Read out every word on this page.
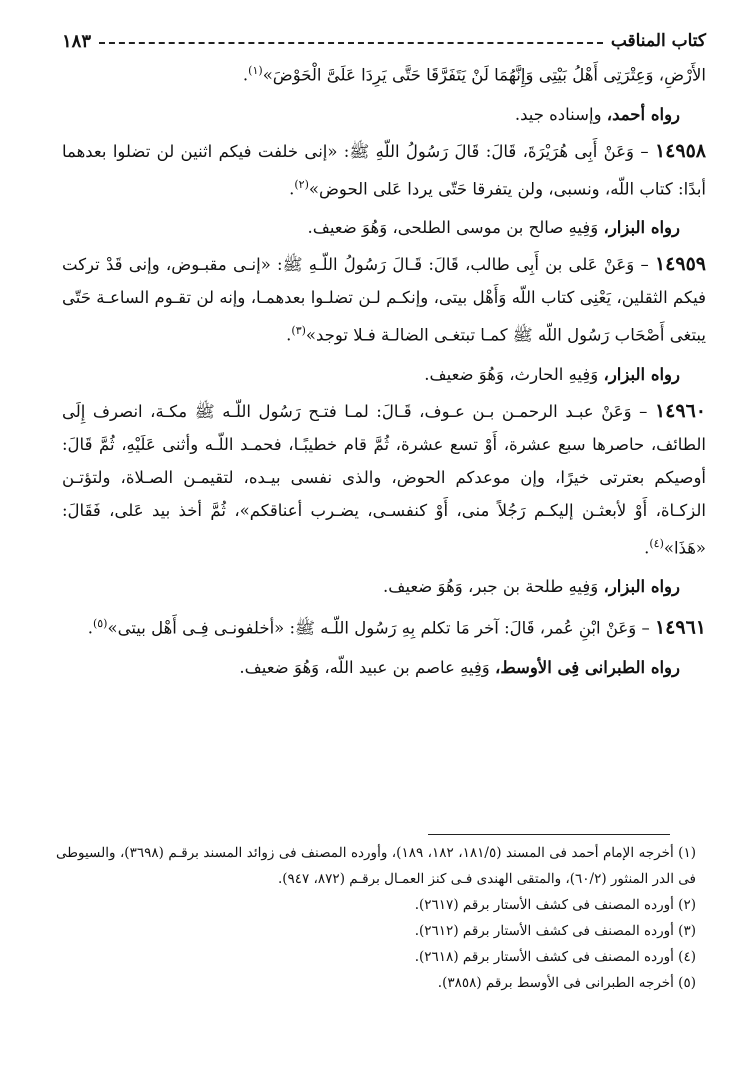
كتاب المناقب
١٨٣

الأَرْضِ، وَعِتْرَتِى أَهْلُ بَيْتِى وَإِنَّهُمَا لَنْ يَتَفَرَّقَا حَتَّى يَرِدَا عَلَىَّ الْحَوْضَ»$^{(١)}$.

رواه أحمد، وإسناده جيد.

١٤٩٥٨ – وَعَنْ أَبِى هُرَيْرَةَ، قَالَ: قَالَ رَسُولُ اللّهِ ﷺ: «إنى خلفت فيكم اثنين لن تضلوا بعدهما أبدًا: كتاب اللّه، ونسبى، ولن يتفرقا حَتّى يردا عَلى الحوض»$^{(٢)}$.

رواه البزار، وَفِيهِ صالح بن موسى الطلحى، وَهُوَ ضعيف.

١٤٩٥٩ – وَعَنْ عَلى بن أَبِى طالب، قَالَ: قَـالَ رَسُولُ اللّـهِ ﷺ: «إنـى مقبـوض، وإنى قَدْ تركت فيكم الثقلين، يَعْنِى كتاب اللّه وَأَهْل بيتى، وإنكـم لـن تضلـوا بعدهمـا، وإنه لن تقـوم الساعـة حَتّى يبتغى أَصْحَاب رَسُول اللّه ﷺ كمـا تبتغـى الضالـة فـلا توجد»$^{(٣)}$.

رواه البزار، وَفِيهِ الحارث، وَهُوَ ضعيف.

١٤٩٦٠ – وَعَنْ عبـد الرحمـن بـن عـوف، قَـالَ: لمـا فتـح رَسُول اللّـه ﷺ مكـة، انصرف إِلَى الطائف، حاصرها سبع عشرة، أَوْ تسع عشرة، ثُمَّ قام خطيبًـا، فحمـد اللّـه وأثنى عَلَيْهِ، ثُمَّ قَالَ: أوصيكم بعترتى خيرًا، وإن موعدكم الحوض، والذى نفسى بيـده، لتقيمـن الصـلاة، ولتؤتـن الزكـاة، أَوْ لأبعثـن إليكـم رَجُلاً منى، أَوْ كنفسـى، يضـرب أعناقكم»، ثُمَّ أخذ بيد عَلى، فَقَالَ: «هَذَا»$^{(٤)}$.

رواه البزار، وَفِيهِ طلحة بن جبر، وَهُوَ ضعيف.

١٤٩٦١ – وَعَنْ ابْنِ عُمر، قَالَ: آخر مَا تكلم بِهِ رَسُول اللّـه ﷺ: «أخلفونـى فِـى أَهْل بيتى»$^{(٥)}$.

رواه الطبرانى فِى الأوسط، وَفِيهِ عاصم بن عبيد اللّه، وَهُوَ ضعيف.

(١) أخرجه الإمام أحمد فى المسند (١٨١/٥، ١٨٢، ١٨٩)، وأورده المصنف فى زوائد المسند برقـم (٣٦٩٨)، والسيوطى فى الدر المنثور (٦٠/٢)، والمتقى الهندى فـى كنز العمـال برقـم (٨٧٢، ٩٤٧).

(٢) أورده المصنف فى كشف الأستار برقم (٢٦١٧).

(٣) أورده المصنف فى كشف الأستار برقم (٢٦١٢).

(٤) أورده المصنف فى كشف الأستار برقم (٢٦١٨).

(٥) أخرجه الطبرانى فى الأوسط برقم (٣٨٥٨).
